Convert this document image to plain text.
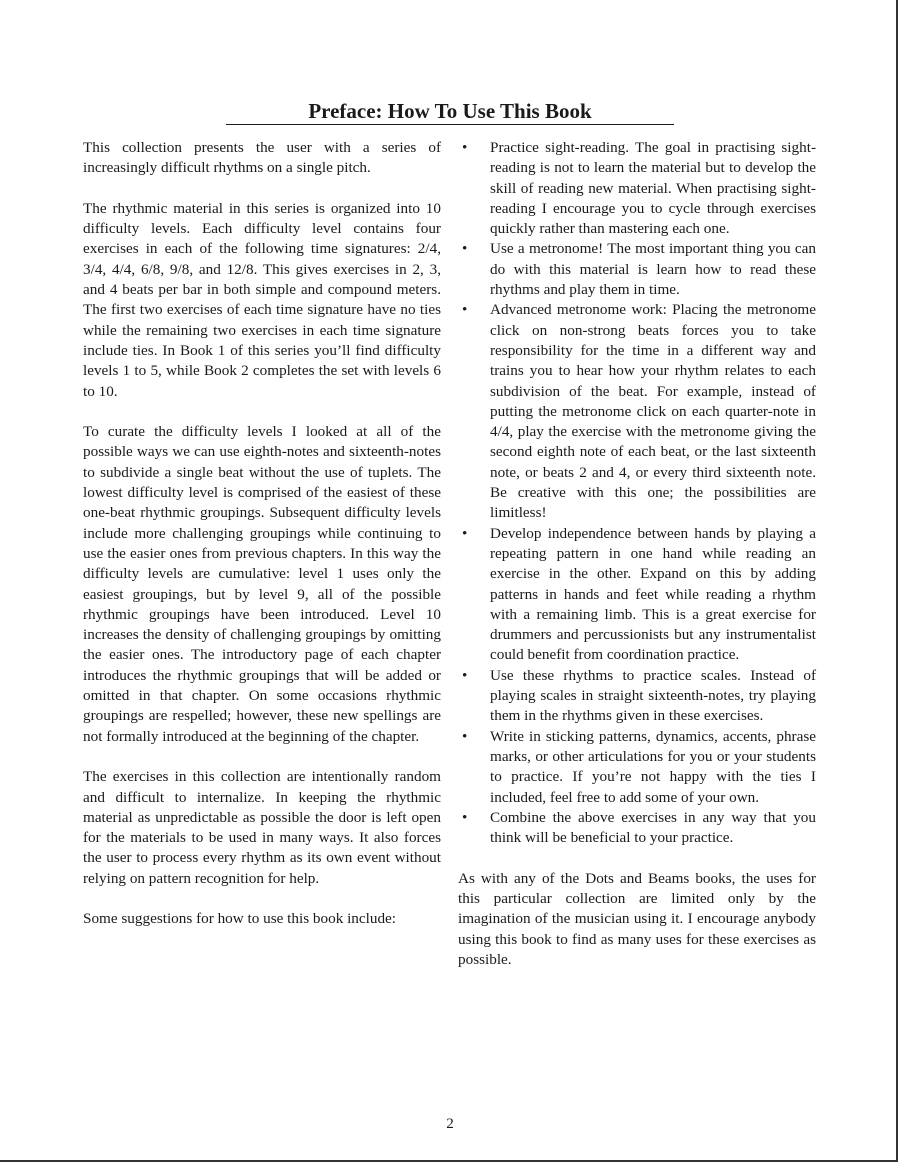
Preface: How To Use This Book

This collection presents the user with a series of increasingly difficult rhythms on a single pitch.

The rhythmic material in this series is organized into 10 difficulty levels. Each difficulty level contains four exercises in each of the following time signatures: 2/4, 3/4, 4/4, 6/8, 9/8, and 12/8. This gives exercises in 2, 3, and 4 beats per bar in both simple and compound meters. The first two exercises of each time signature have no ties while the remaining two exercises in each time signature include ties. In Book 1 of this series you’ll find difficulty levels 1 to 5, while Book 2 completes the set with levels 6 to 10.

To curate the difficulty levels I looked at all of the possible ways we can use eighth-notes and sixteenth-notes to subdivide a single beat without the use of tuplets. The lowest difficulty level is comprised of the easiest of these one-beat rhythmic groupings. Subsequent difficulty levels include more challenging groupings while continuing to use the easier ones from previous chapters. In this way the difficulty levels are cumulative: level 1 uses only the easiest groupings, but by level 9, all of the possible rhythmic groupings have been introduced. Level 10 increases the density of challenging groupings by omitting the easier ones. The introductory page of each chapter introduces the rhythmic groupings that will be added or omitted in that chapter. On some occasions rhythmic groupings are respelled; however, these new spellings are not formally introduced at the beginning of the chapter.

The exercises in this collection are intentionally random and difficult to internalize. In keeping the rhythmic material as unpredictable as possible the door is left open for the materials to be used in many ways. It also forces the user to process every rhythm as its own event without relying on pattern recognition for help.

Some suggestions for how to use this book include:

• Practice sight-reading. The goal in practising sight-reading is not to learn the material but to develop the skill of reading new material. When practising sight-reading I encourage you to cycle through exercises quickly rather than mastering each one.
• Use a metronome! The most important thing you can do with this material is learn how to read these rhythms and play them in time.
• Advanced metronome work: Placing the metronome click on non-strong beats forces you to take responsibility for the time in a different way and trains you to hear how your rhythm relates to each subdivision of the beat. For example, instead of putting the metronome click on each quarter-note in 4/4, play the exercise with the metronome giving the second eighth note of each beat, or the last sixteenth note, or beats 2 and 4, or every third sixteenth note. Be creative with this one; the possibilities are limitless!
• Develop independence between hands by playing a repeating pattern in one hand while reading an exercise in the other. Expand on this by adding patterns in hands and feet while reading a rhythm with a remaining limb. This is a great exercise for drummers and percussionists but any instrumentalist could benefit from coordination practice.
• Use these rhythms to practice scales. Instead of playing scales in straight sixteenth-notes, try playing them in the rhythms given in these exercises.
• Write in sticking patterns, dynamics, accents, phrase marks, or other articulations for you or your students to practice. If you’re not happy with the ties I included, feel free to add some of your own.
• Combine the above exercises in any way that you think will be beneficial to your practice.

As with any of the Dots and Beams books, the uses for this particular collection are limited only by the imagination of the musician using it. I encourage anybody using this book to find as many uses for these exercises as possible.

2
